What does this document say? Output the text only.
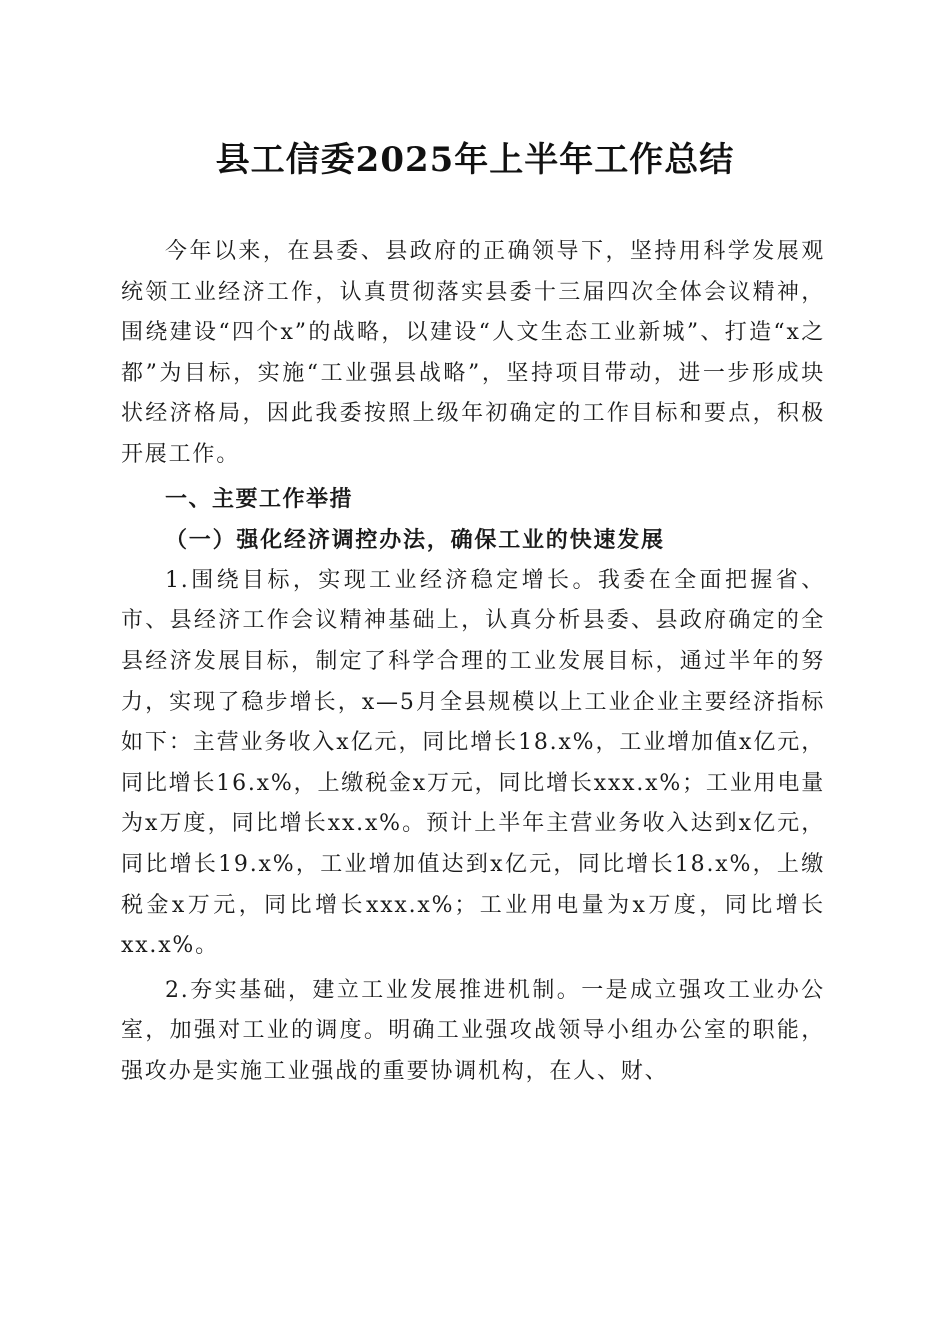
县工信委2025年上半年工作总结

今年以来，在县委、县政府的正确领导下，坚持用科学发展观统领工业经济工作，认真贯彻落实县委十三届四次全体会议精神，围绕建设“四个x”的战略，以建设“人文生态工业新城”、打造“x之都”为目标，实施“工业强县战略”，坚持项目带动，进一步形成块状经济格局，因此我委按照上级年初确定的工作目标和要点，积极开展工作。

一、主要工作举措

（一）强化经济调控办法，确保工业的快速发展

1.围绕目标，实现工业经济稳定增长。我委在全面把握省、市、县经济工作会议精神基础上，认真分析县委、县政府确定的全县经济发展目标，制定了科学合理的工业发展目标，通过半年的努力，实现了稳步增长，x—5月全县规模以上工业企业主要经济指标如下：主营业务收入x亿元，同比增长18.x%，工业增加值x亿元，同比增长16.x%，上缴税金x万元，同比增长xxx.x%；工业用电量为x万度，同比增长xx.x%。预计上半年主营业务收入达到x亿元，同比增长19.x%，工业增加值达到x亿元，同比增长18.x%，上缴税金x万元，同比增长xxx.x%；工业用电量为x万度，同比增长xx.x%。

2.夯实基础，建立工业发展推进机制。一是成立强攻工业办公室，加强对工业的调度。明确工业强攻战领导小组办公室的职能，强攻办是实施工业强战的重要协调机构，在人、财、
